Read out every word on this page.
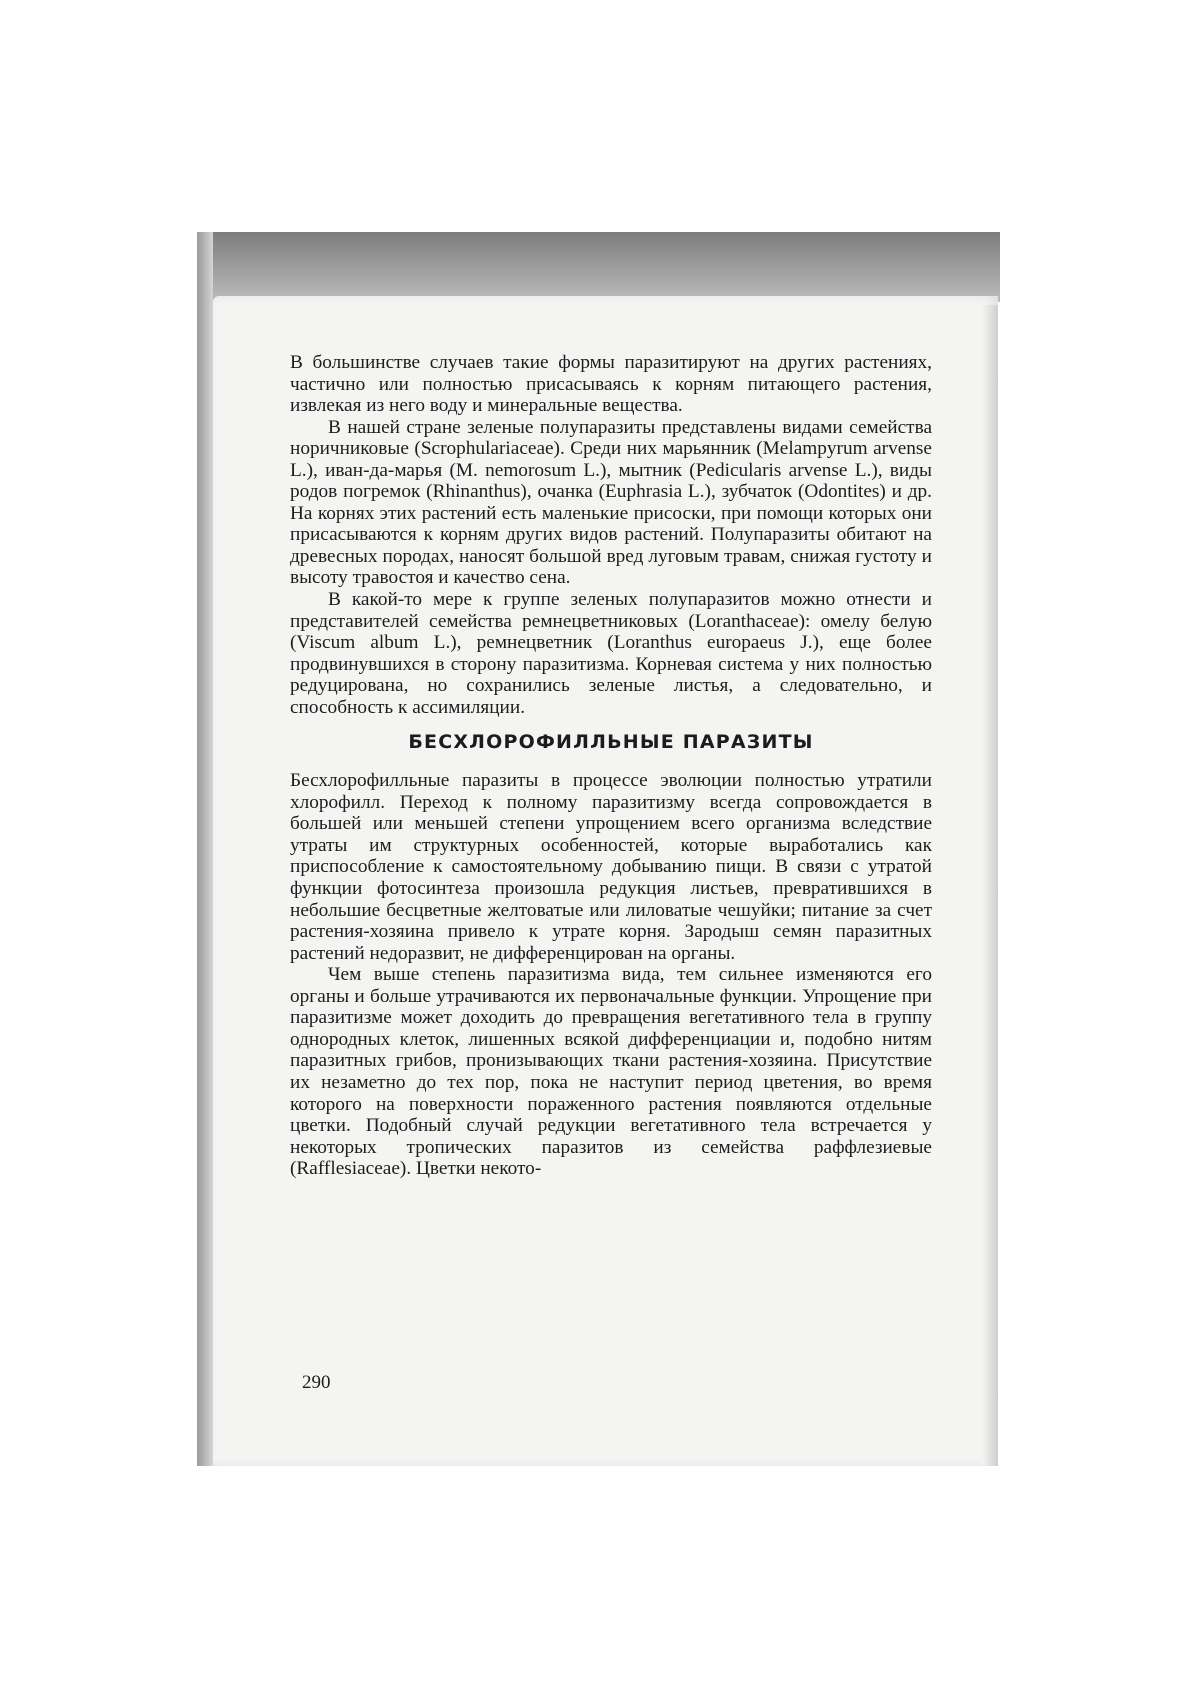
В большинстве случаев такие формы паразитируют на других растениях, частично или полностью присасываясь к корням питающего растения, извлекая из него воду и минеральные вещества.

В нашей стране зеленые полупаразиты представлены видами семейства норичниковые (Scrophulariaceae). Среди них марьянник (Melampyrum arvense L.), иван-да-марья (M. nemorosum L.), мытник (Pedicularis arvense L.), виды родов погремок (Rhinanthus), очанка (Euphrasia L.), зубчаток (Odontites) и др. На корнях этих растений есть маленькие присоски, при помощи которых они присасываются к корням других видов растений. Полупаразиты обитают на древесных породах, наносят большой вред луговым травам, снижая густоту и высоту травостоя и качество сена.

В какой-то мере к группе зеленых полупаразитов можно отнести и представителей семейства ремнецветниковых (Loranthaceae): омелу белую (Viscum album L.), ремнецветник (Loranthus europaeus J.), еще более продвинувшихся в сторону паразитизма. Корневая система у них полностью редуцирована, но сохранились зеленые листья, а следовательно, и способность к ассимиляции.

БЕСХЛОРОФИЛЛЬНЫЕ ПАРАЗИТЫ

Бесхлорофилльные паразиты в процессе эволюции полностью утратили хлорофилл. Переход к полному паразитизму всегда сопровождается в большей или меньшей степени упрощением всего организма вследствие утраты им структурных особенностей, которые выработались как приспособление к самостоятельному добыванию пищи. В связи с утратой функции фотосинтеза произошла редукция листьев, превратившихся в небольшие бесцветные желтоватые или лиловатые чешуйки; питание за счет растения-хозяина привело к утрате корня. Зародыш семян паразитных растений недоразвит, не дифференцирован на органы.

Чем выше степень паразитизма вида, тем сильнее изменяются его органы и больше утрачиваются их первоначальные функции. Упрощение при паразитизме может доходить до превращения вегетативного тела в группу однородных клеток, лишенных всякой дифференциации и, подобно нитям паразитных грибов, пронизывающих ткани растения-хозяина. Присутствие их незаметно до тех пор, пока не наступит период цветения, во время которого на поверхности пораженного растения появляются отдельные цветки. Подобный случай редукции вегетативного тела встречается у некоторых тропических паразитов из семейства раффлезиевые (Rafflesiaceae). Цветки некото-

290
